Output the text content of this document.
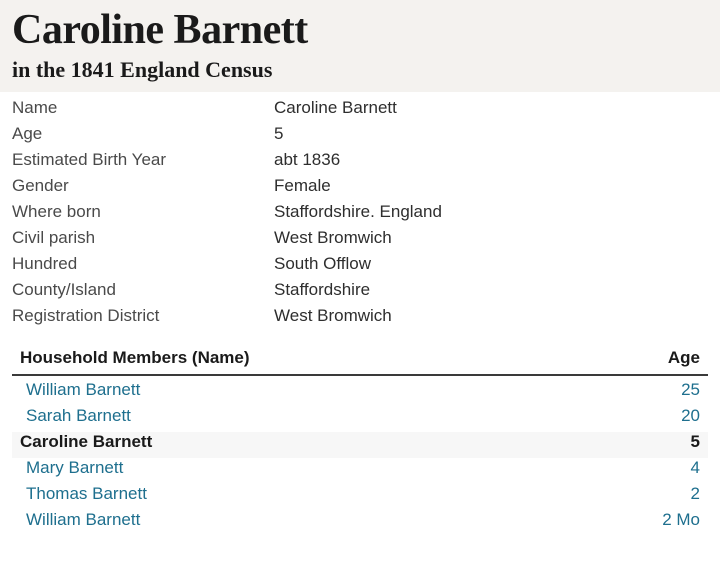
Caroline Barnett
in the 1841 England Census
Name	Caroline Barnett
Age	5
Estimated Birth Year	abt 1836
Gender	Female
Where born	Staffordshire. England
Civil parish	West Bromwich
Hundred	South Offlow
County/Island	Staffordshire
Registration District	West Bromwich
Household Members (Name)	Age
William Barnett	25
Sarah Barnett	20
Caroline Barnett	5
Mary Barnett	4
Thomas Barnett	2
William Barnett	2 Mo
